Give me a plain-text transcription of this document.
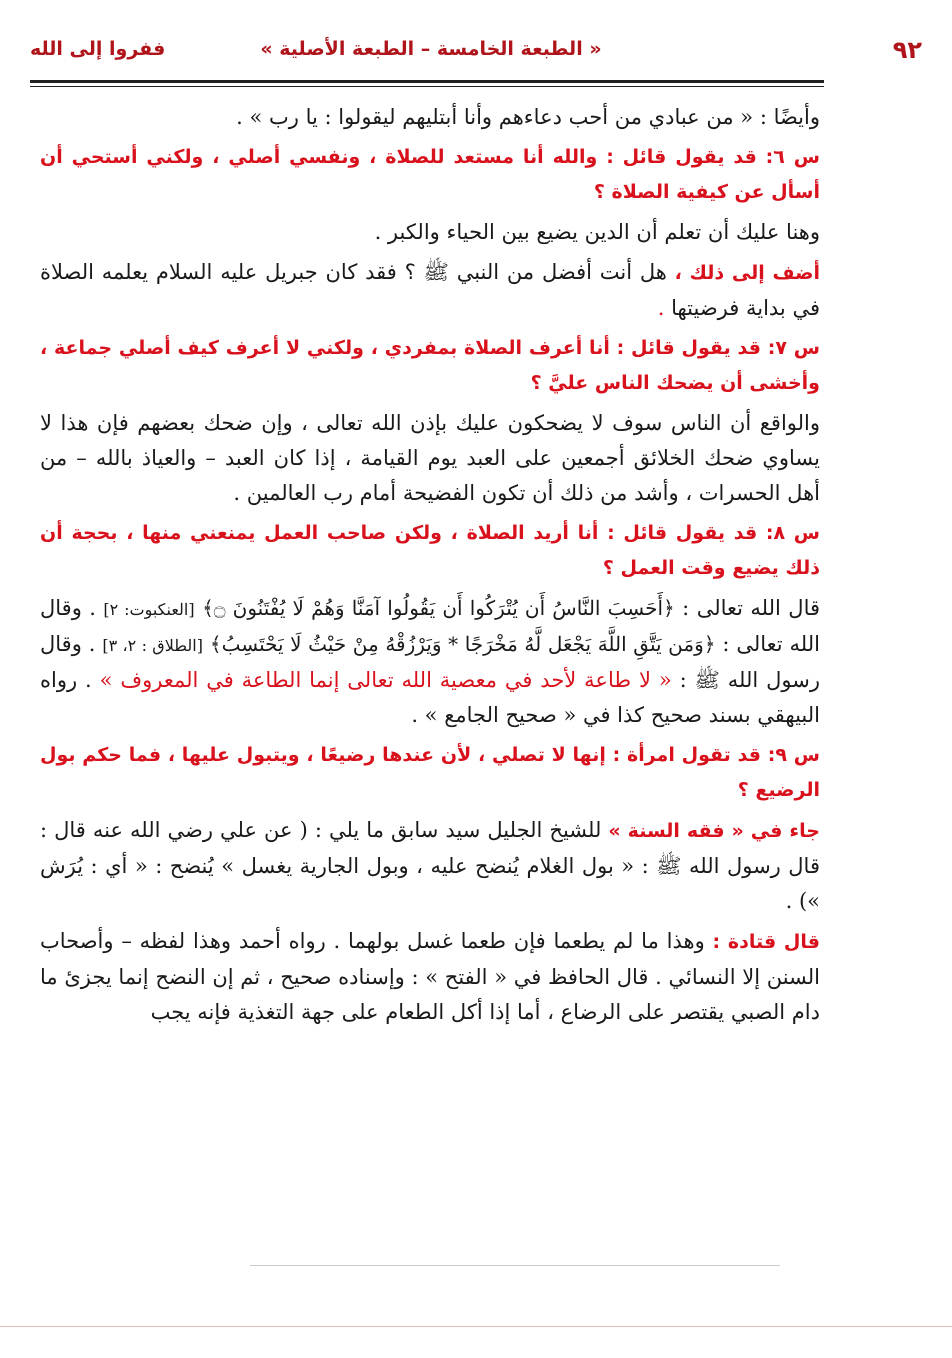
٩٢
« الطبعة الخامسة – الطبعة الأصلية »
ففروا إلى الله

وأيضًا : « من عبادي من أحب دعاءهم وأنا أبتليهم ليقولوا : يا رب » .

س ٦: قد يقول قائل : والله أنا مستعد للصلاة ، ونفسي أصلي ، ولكني أستحي أن أسأل عن كيفية الصلاة ؟

وهنا عليك أن تعلم أن الدين يضيع بين الحياء والكبر .

أضف إلى ذلك ، هل أنت أفضل من النبي ﷺ ؟ فقد كان جبريل عليه السلام يعلمه الصلاة في بداية فرضيتها .

س ٧: قد يقول قائل : أنا أعرف الصلاة بمفردي ، ولكني لا أعرف كيف أصلي جماعة ، وأخشى أن يضحك الناس عليَّ ؟

والواقع أن الناس سوف لا يضحكون عليك بإذن الله تعالى ، وإن ضحك بعضهم فإن هذا لا يساوي ضحك الخلائق أجمعين على العبد يوم القيامة ، إذا كان العبد – والعياذ بالله – من أهل الحسرات ، وأشد من ذلك أن تكون الفضيحة أمام رب العالمين .

س ٨: قد يقول قائل : أنا أريد الصلاة ، ولكن صاحب العمل يمنعني منها ، بحجة أن ذلك يضيع وقت العمل ؟

قال الله تعالى : ﴿أَحَسِبَ النَّاسُ أَن يُتْرَكُوا أَن يَقُولُوا آمَنَّا وَهُمْ لَا يُفْتَنُونَ ۝﴾ [العنكبوت: ٢] . وقال الله تعالى : ﴿وَمَن يَتَّقِ اللَّهَ يَجْعَل لَّهُ مَخْرَجًا * وَيَرْزُقْهُ مِنْ حَيْثُ لَا يَحْتَسِبُ﴾ [الطلاق : ٢، ٣] . وقال رسول الله ﷺ : « لا طاعة لأحد في معصية الله تعالى إنما الطاعة في المعروف » . رواه البيهقي بسند صحيح كذا في « صحيح الجامع » .

س ٩: قد تقول امرأة : إنها لا تصلي ، لأن عندها رضيعًا ، ويتبول عليها ، فما حكم بول الرضيع ؟

جاء في « فقه السنة » للشيخ الجليل سيد سابق ما يلي : ( عن علي رضي الله عنه قال : قال رسول الله ﷺ : « بول الغلام يُنضح عليه ، وبول الجارية يغسل » يُنضح : « أي : يُرَش ») .

قال قتادة : وهذا ما لم يطعما فإن طعما غسل بولهما . رواه أحمد وهذا لفظه – وأصحاب السنن إلا النسائي . قال الحافظ في « الفتح » : وإسناده صحيح ، ثم إن النضح إنما يجزئ ما دام الصبي يقتصر على الرضاع ، أما إذا أكل الطعام على جهة التغذية فإنه يجب
